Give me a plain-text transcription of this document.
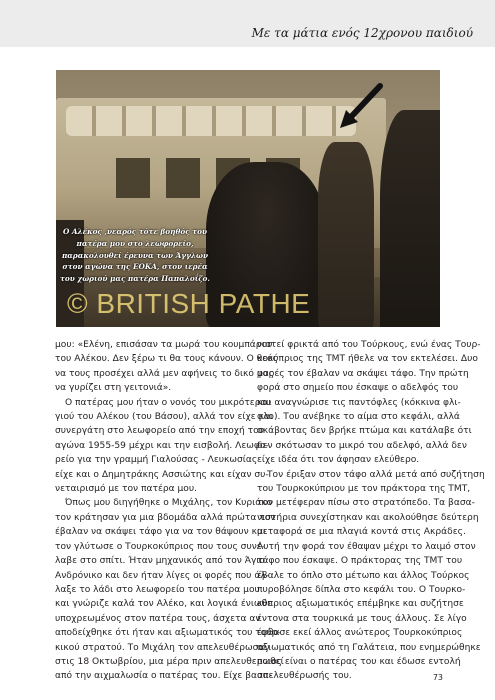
Με τα μάτια ενός 12χρονου παιδιού
Ο Αλέκος ,νεαρός τότε βοηθός του
πατέρα μου στο λεωφορείο,
παρακολουθεί έρευνα των Άγγλων
στον αγώνα της ΕΟΚΑ, στον ιερέα
του χωριού μας πατέρα Παπαλοΐζο.
© BRITISH PATHE

μου: «Ελένη, επισάσαν τα μωρά του κουμπάρου
του Αλέκου. Δεν ξέρω τι θα τους κάνουν. Ο θεός
να τους προσέχει αλλά μεν αφήνεις το δικό μας
να γυρίζει στη γειτονιά».

Ο πατέρας μου ήταν ο νονός του μικρότερου
γιού του Αλέκου (του Βάσου), αλλά τον είχε και
συνεργάτη στο λεωφορείο από την εποχή του
αγώνα 1955-59 μέχρι και την εισβολή. Λεωφο-
ρείο για την γραμμή Γιαλούσας - Λευκωσίας
είχε και ο Δημητράκης Ασσιώτης και είχαν συ-
νεταιρισμό με τον πατέρα μου.

Όπως μου διηγήθηκε ο Μιχάλης, τον Κυριάκο
τον κράτησαν για μια βδομάδα αλλά πρώτα τον
έβαλαν να σκάψει τάφο για να τον θάψουν και
τον γλύτωσε ο Τουρκοκύπριος που τους συνέ-
λαβε στο σπίτι. Ήταν μηχανικός από τον Άγιο
Ανδρόνικο και δεν ήταν λίγες οι φορές που άλ-
λαξε το λάδι στο λεωφορείο του πατέρα μου
και γνώριζε καλά τον Αλέκο, και λογικά ένιωθε
υποχρεωμένος στον πατέρα τους, άσχετα αν
αποδείχθηκε ότι ήταν και αξιωματικός του τούρ-
κικού στρατού. Το Μιχάλη τον απελευθέρωσαν
στις 18 Οκτωβρίου, μια μέρα πριν απελευθερωθεί
από την αιχμαλωσία ο πατέρας του. Είχε βασα-

νιστεί φρικτά από του Τούρκους, ενώ ένας Τουρ-
κοκύπριος της ΤΜΤ ήθελε να τον εκτελέσει. Δυο
φορές τον έβαλαν να σκάψει τάφο. Την πρώτη
φορά στο σημείο που έσκαψε ο αδελφός του
και αναγνώρισε τις παντόφλες (κόκκινα φλι-
φλο). Του ανέβηκε το αίμα στο κεφάλι, αλλά
σκάβοντας δεν βρήκε πτώμα και κατάλαβε ότι
δεν σκότωσαν το μικρό του αδελφό, αλλά δεν
είχε ιδέα ότι τον άφησαν ελεύθερο.

Τον έριξαν στον τάφο αλλά μετά από συζήτηση
του Τουρκοκύπριου με τον πράκτορα της ΤΜΤ,
τον μετέφεραν πίσω στο στρατόπεδο. Τα βασα-
νιστήρια συνεχίστηκαν και ακολούθησε δεύτερη
μεταφορά σε μια πλαγιά κοντά στις Ακράδες.
Αυτή την φορά τον έθαψαν μέχρι το λαιμό στον
τάφο που έσκαψε. Ο πράκτορας της ΤΜΤ του
έβαλε το όπλο στο μέτωπο και άλλος Τούρκος
πυροβόλησε δίπλα στο κεφάλι του. Ο Τουρκο-
κύπριος αξιωματικός επέμβηκε και συζήτησε
έντονα στα τουρκικά με τους άλλους. Σε λίγο
έφθασε εκεί άλλος ανώτερος Τουρκοκύπριος
αξιωματικός από τη Γαλάτεια, που ενημερώθηκε
ποιος είναι ο πατέρας του και έδωσε εντολή
απελευθέρωσής του.	73
